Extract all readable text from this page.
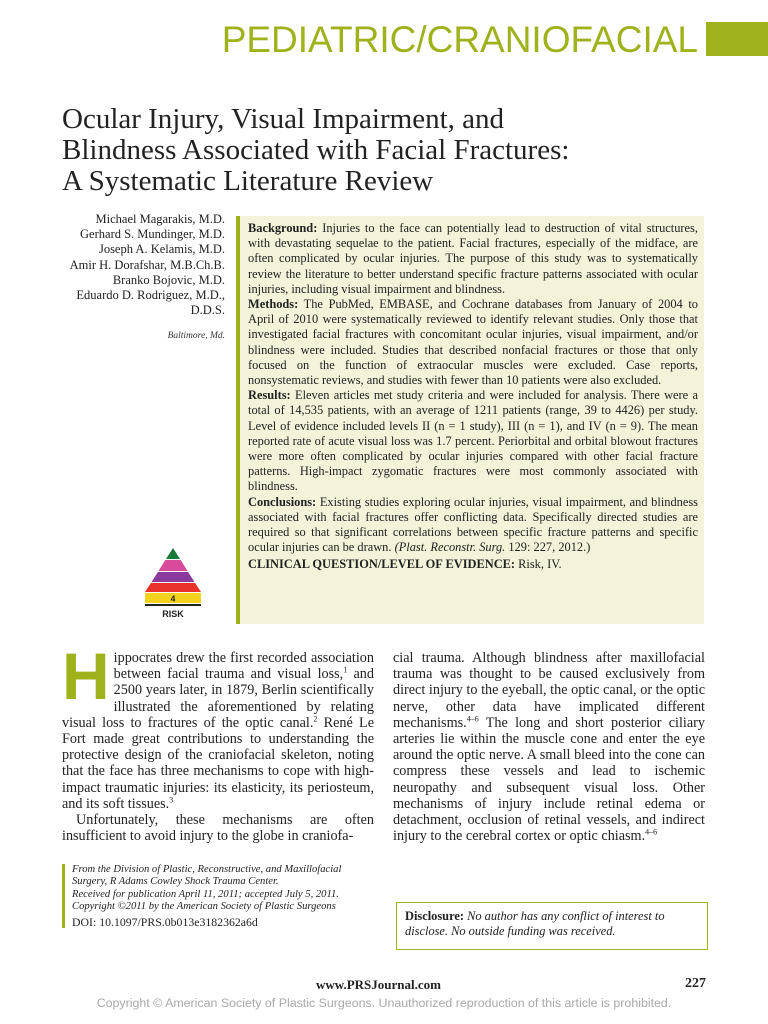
PEDIATRIC/CRANIOFACIAL
Ocular Injury, Visual Impairment, and
Blindness Associated with Facial Fractures:
A Systematic Literature Review
Michael Magarakis, M.D.
Gerhard S. Mundinger, M.D.
Joseph A. Kelamis, M.D.
Amir H. Dorafshar, M.B.Ch.B.
Branko Bojovic, M.D.
Eduardo D. Rodriguez, M.D.,
D.D.S.
Baltimore, Md.
4
RISK

Background: Injuries to the face can potentially lead to destruction of vital structures, with devastating sequelae to the patient. Facial fractures, especially of the midface, are often complicated by ocular injuries. The purpose of this study was to systematically review the literature to better understand specific fracture patterns associated with ocular injuries, including visual impairment and blindness.

Methods: The PubMed, EMBASE, and Cochrane databases from January of 2004 to April of 2010 were systematically reviewed to identify relevant studies. Only those that investigated facial fractures with concomitant ocular injuries, visual impairment, and/or blindness were included. Studies that described nonfacial fractures or those that only focused on the function of extraocular muscles were excluded. Case reports, nonsystematic reviews, and studies with fewer than 10 patients were also excluded.

Results: Eleven articles met study criteria and were included for analysis. There were a total of 14,535 patients, with an average of 1211 patients (range, 39 to 4426) per study. Level of evidence included levels II (n = 1 study), III (n = 1), and IV (n = 9). The mean reported rate of acute visual loss was 1.7 percent. Periorbital and orbital blowout fractures were more often complicated by ocular injuries compared with other facial fracture patterns. High-impact zygomatic fractures were most commonly associated with blindness.

Conclusions: Existing studies exploring ocular injuries, visual impairment, and blindness associated with facial fractures offer conflicting data. Specifically directed studies are required so that significant correlations between specific fracture patterns and specific ocular injuries can be drawn. (Plast. Reconstr. Surg. 129: 227, 2012.)

CLINICAL QUESTION/LEVEL OF EVIDENCE: Risk, IV.

Hippocrates drew the first recorded association between facial trauma and visual loss,$^1$ and 2500 years later, in 1879, Berlin scientifically illustrated the aforementioned by relating visual loss to fractures of the optic canal.$^2$ René Le Fort made great contributions to understanding the protective design of the craniofacial skeleton, noting that the face has three mechanisms to cope with high-impact traumatic injuries: its elasticity, its periosteum, and its soft tissues.$^3$

Unfortunately, these mechanisms are often insufficient to avoid injury to the globe in craniofa-

cial trauma. Although blindness after maxillofacial trauma was thought to be caused exclusively from direct injury to the eyeball, the optic canal, or the optic nerve, other data have implicated different mechanisms.$^{4-6}$ The long and short posterior ciliary arteries lie within the muscle cone and enter the eye around the optic nerve. A small bleed into the cone can compress these vessels and lead to ischemic neuropathy and subsequent visual loss. Other mechanisms of injury include retinal edema or detachment, occlusion of retinal vessels, and indirect injury to the cerebral cortex or optic chiasm.$^{4-6}$

From the Division of Plastic, Reconstructive, and Maxillofacial Surgery, R Adams Cowley Shock Trauma Center.
Received for publication April 11, 2011; accepted July 5, 2011.
Copyright ©2011 by the American Society of Plastic Surgeons
DOI: 10.1097/PRS.0b013e3182362a6d	Disclosure: No author has any conflict of interest to disclose. No outside funding was received.
www.PRSJournal.com	227
Copyright © American Society of Plastic Surgeons. Unauthorized reproduction of this article is prohibited.
